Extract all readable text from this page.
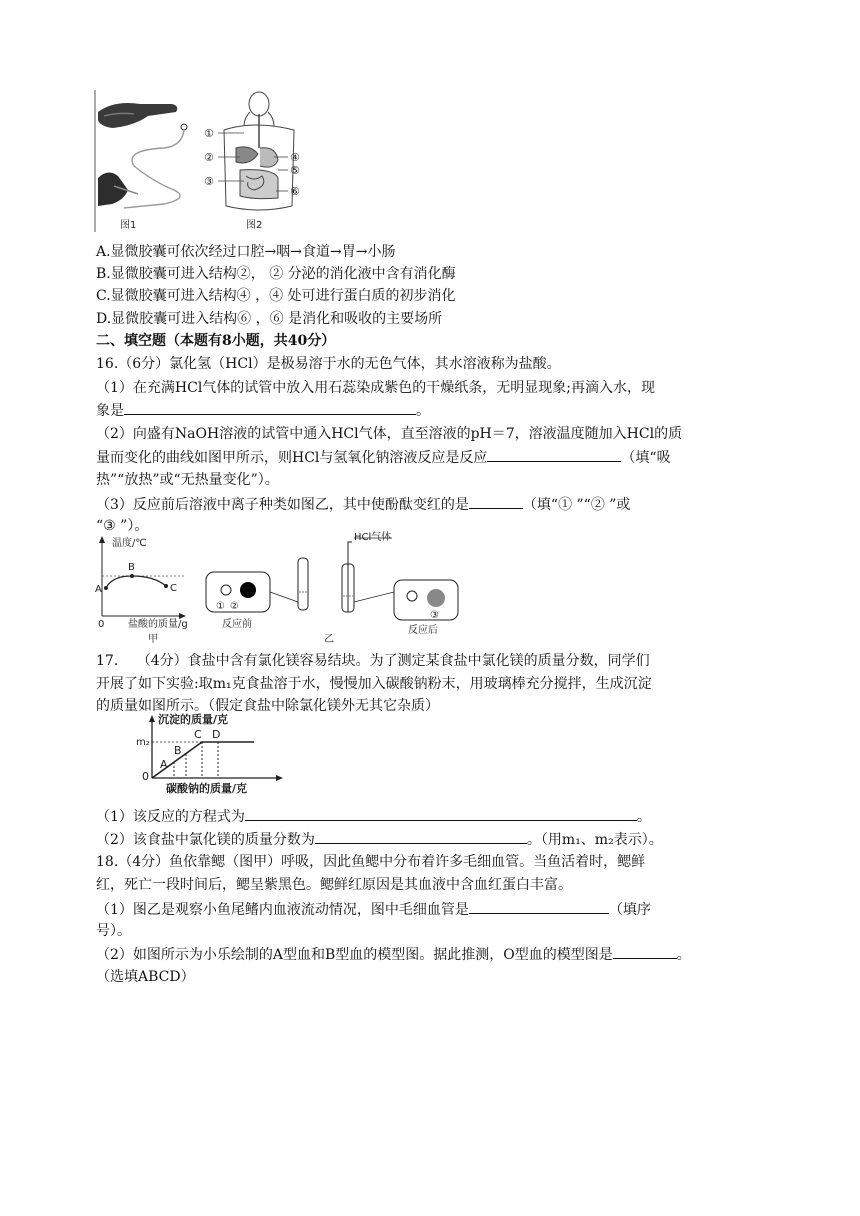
图1
①
②
③
④
⑤
⑥
图2
A.显微胶囊可依次经过口腔→咽→食道→胃→小肠
B.显微胶囊可进入结构②， ② 分泌的消化液中含有消化酶
C.显微胶囊可进入结构④ ，④ 处可进行蛋白质的初步消化
D.显微胶囊可进入结构⑥ ，⑥ 是消化和吸收的主要场所
二、填空题（本题有8小题，共40分）
16.（6分）氯化氢（HCl）是极易溶于水的无色气体，其水溶液称为盐酸。
（1）在充满HCl气体的试管中放入用石蕊染成紫色的干燥纸条，无明显现象;再滴入水，现
象是	。
（2）向盛有NaOH溶液的试管中通入HCl气体，直至溶液的pH＝7，溶液温度随加入HCl的质
量而变化的曲线如图甲所示，则HCl与氢氧化钠溶液反应是反应	（填“吸
热”“放热”或“无热量变化”）。
（3）反应前后溶液中离子种类如图乙，其中使酚酞变红的是	（填“① ”“② ”或
“③ ”）。
温度/℃
A
B
C
0 盐酸的质量/g
甲
① ②
反应前
HCl气体
③
反应后
乙
17.　 （4分）食盐中含有氯化镁容易结块。为了测定某食盐中氯化镁的质量分数，同学们
开展了如下实验:取m₁克食盐溶于水，慢慢加入碳酸钠粉末，用玻璃棒充分搅拌，生成沉淀
的质量如图所示。（假定食盐中除氯化镁外无其它杂质）
沉淀的质量/克
m₂
0
A
B
C D
碳酸钠的质量/克
（1）该反应的方程式为	。
（2）该食盐中氯化镁的质量分数为	。（用m₁、m₂表示）。
18.（4分）鱼依靠鳃（图甲）呼吸，因此鱼鳃中分布着许多毛细血管。当鱼活着时，鳃鲜
红，死亡一段时间后，鳃呈紫黑色。鳃鲜红原因是其血液中含血红蛋白丰富。
（1）图乙是观察小鱼尾鳍内血液流动情况，图中毛细血管是	（填序
号）。
（2）如图所示为小乐绘制的A型血和B型血的模型图。据此推测，O型血的模型图是	。
（选填ABCD）
